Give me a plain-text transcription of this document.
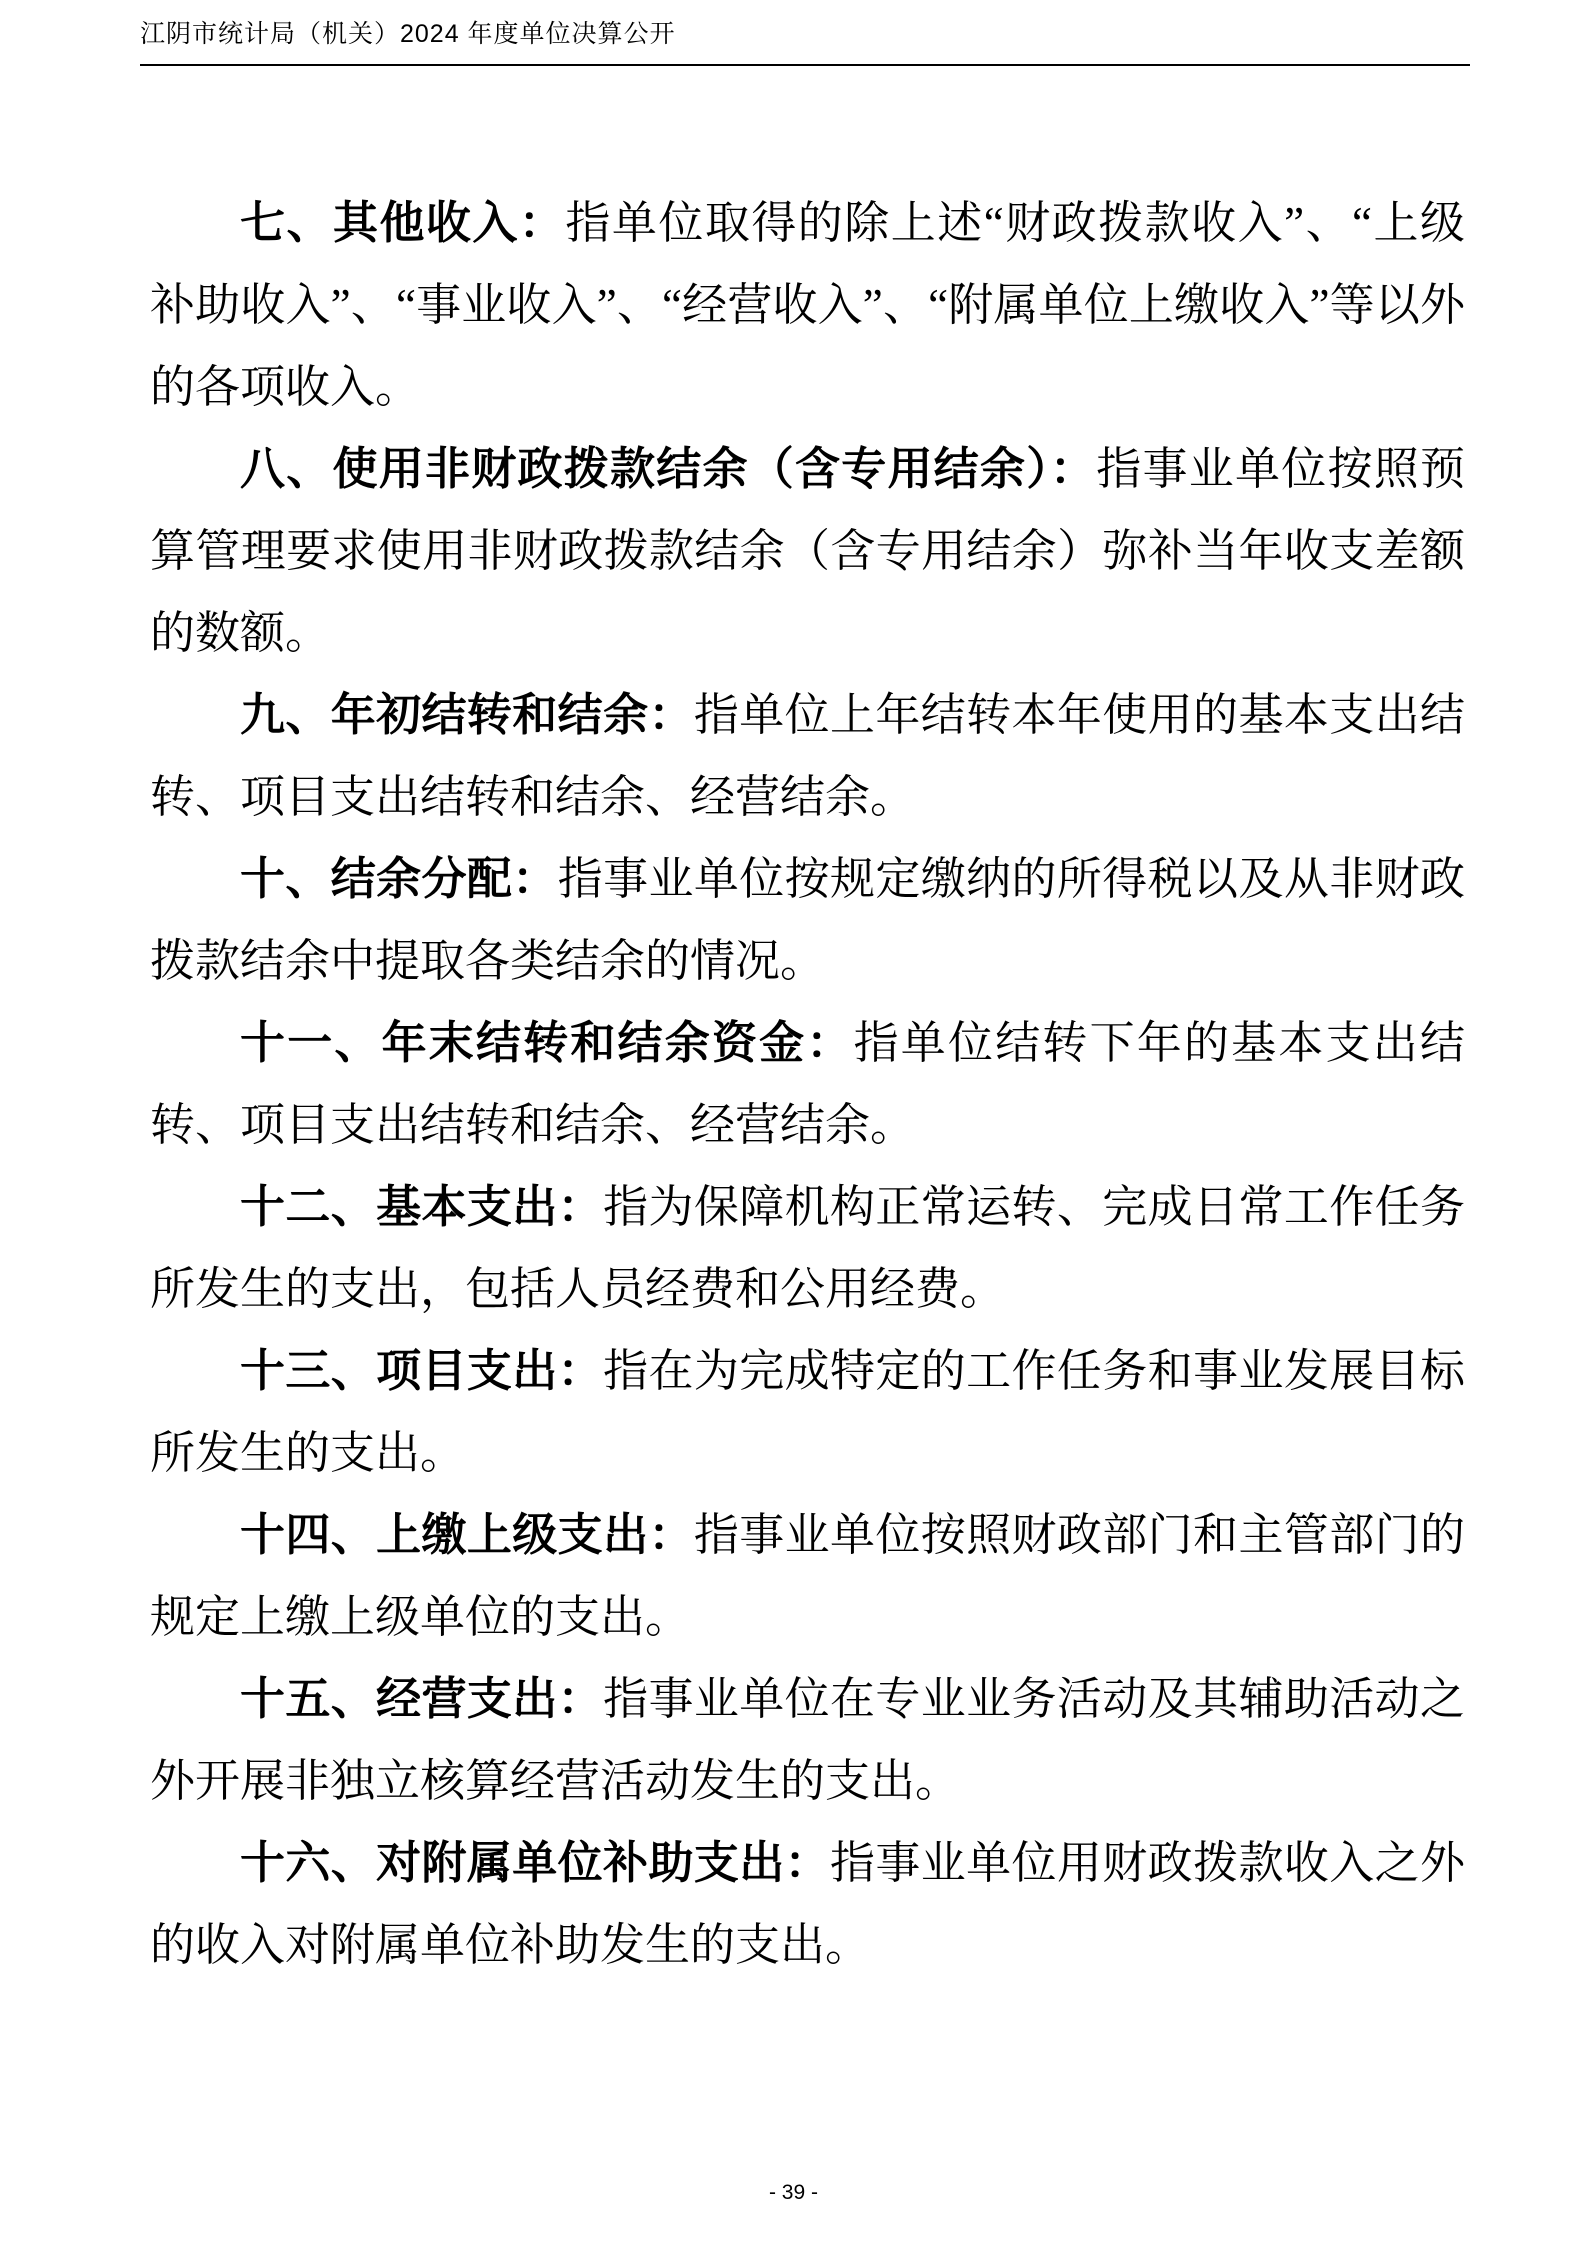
江阴市统计局（机关）2024 年度单位决算公开

七、其他收入：指单位取得的除上述“财政拨款收入”、“上级补助收入”、“事业收入”、“经营收入”、“附属单位上缴收入”等以外的各项收入。

八、使用非财政拨款结余（含专用结余）：指事业单位按照预算管理要求使用非财政拨款结余（含专用结余）弥补当年收支差额的数额。

九、年初结转和结余：指单位上年结转本年使用的基本支出结转、项目支出结转和结余、经营结余。

十、结余分配：指事业单位按规定缴纳的所得税以及从非财政拨款结余中提取各类结余的情况。

十一、年末结转和结余资金：指单位结转下年的基本支出结转、项目支出结转和结余、经营结余。

十二、基本支出：指为保障机构正常运转、完成日常工作任务所发生的支出，包括人员经费和公用经费。

十三、项目支出：指在为完成特定的工作任务和事业发展目标所发生的支出。

十四、上缴上级支出：指事业单位按照财政部门和主管部门的规定上缴上级单位的支出。

十五、经营支出：指事业单位在专业业务活动及其辅助活动之外开展非独立核算经营活动发生的支出。

十六、对附属单位补助支出：指事业单位用财政拨款收入之外的收入对附属单位补助发生的支出。

- 39 -
